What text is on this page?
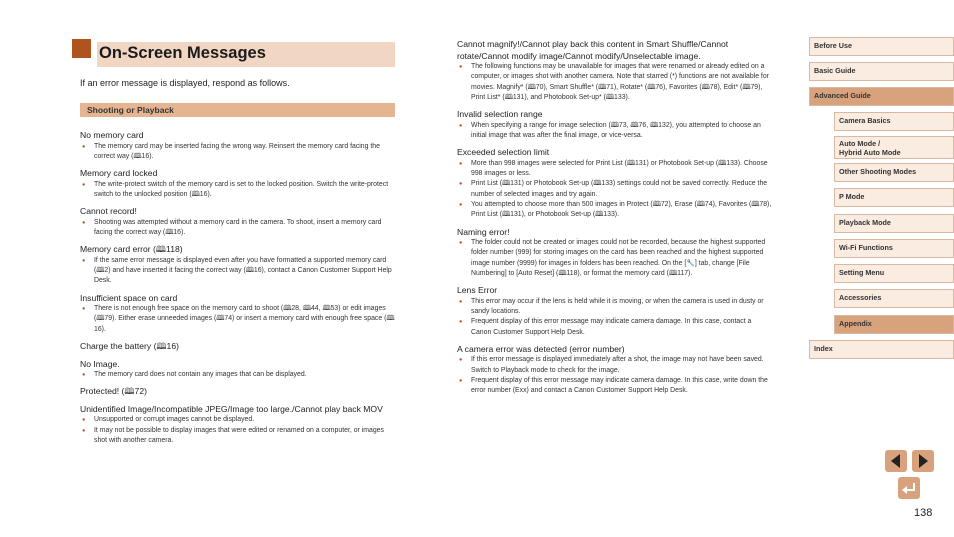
On-Screen Messages
If an error message is displayed, respond as follows.
Shooting or Playback
No memory card
● The memory card may be inserted facing the wrong way. Reinsert the memory card facing the correct way (🕮16).
Memory card locked
● The write-protect switch of the memory card is set to the locked position. Switch the write-protect switch to the unlocked position (🕮16).
Cannot record!
● Shooting was attempted without a memory card in the camera. To shoot, insert a memory card facing the correct way (🕮16).
Memory card error (🕮118)
● If the same error message is displayed even after you have formatted a supported memory card (🕮2) and have inserted it facing the correct way (🕮16), contact a Canon Customer Support Help Desk.
Insufficient space on card
● There is not enough free space on the memory card to shoot (🕮28, 🕮44, 🕮53) or edit images (🕮79). Either erase unneeded images (🕮74) or insert a memory card with enough free space (🕮16).
Charge the battery (🕮16)
No Image.
● The memory card does not contain any images that can be displayed.
Protected! (🕮72)
Unidentified Image/Incompatible JPEG/Image too large./Cannot play back MOV
● Unsupported or corrupt images cannot be displayed.
● It may not be possible to display images that were edited or renamed on a computer, or images shot with another camera.
Cannot magnify!/Cannot play back this content in Smart Shuffle/Cannot rotate/Cannot modify image/Cannot modify/Unselectable image.
● The following functions may be unavailable for images that were renamed or already edited on a computer, or images shot with another camera. Note that starred (*) functions are not available for movies. Magnify* (🕮70), Smart Shuffle* (🕮71), Rotate* (🕮76), Favorites (🕮78), Edit* (🕮79), Print List* (🕮131), and Photobook Set-up* (🕮133).
Invalid selection range
● When specifying a range for image selection (🕮73, 🕮76, 🕮132), you attempted to choose an initial image that was after the final image, or vice-versa.
Exceeded selection limit
● More than 998 images were selected for Print List (🕮131) or Photobook Set-up (🕮133). Choose 998 images or less.
● Print List (🕮131) or Photobook Set-up (🕮133) settings could not be saved correctly. Reduce the number of selected images and try again.
● You attempted to choose more than 500 images in Protect (🕮72), Erase (🕮74), Favorites (🕮78), Print List (🕮131), or Photobook Set-up (🕮133).
Naming error!
● The folder could not be created or images could not be recorded, because the highest supported folder number (999) for storing images on the card has been reached and the highest supported image number (9999) for images in folders has been reached. On the [🔧] tab, change [File Numbering] to [Auto Reset] (🕮118), or format the memory card (🕮117).
Lens Error
● This error may occur if the lens is held while it is moving, or when the camera is used in dusty or sandy locations.
● Frequent display of this error message may indicate camera damage. In this case, contact a Canon Customer Support Help Desk.
A camera error was detected (error number)
● If this error message is displayed immediately after a shot, the image may not have been saved. Switch to Playback mode to check for the image.
● Frequent display of this error message may indicate camera damage. In this case, write down the error number (Exx) and contact a Canon Customer Support Help Desk.
Before Use
Basic Guide
Advanced Guide
Camera Basics
Auto Mode /
Hybrid Auto Mode
Other Shooting Modes
P Mode
Playback Mode
Wi-Fi Functions
Setting Menu
Accessories
Appendix
Index
138
